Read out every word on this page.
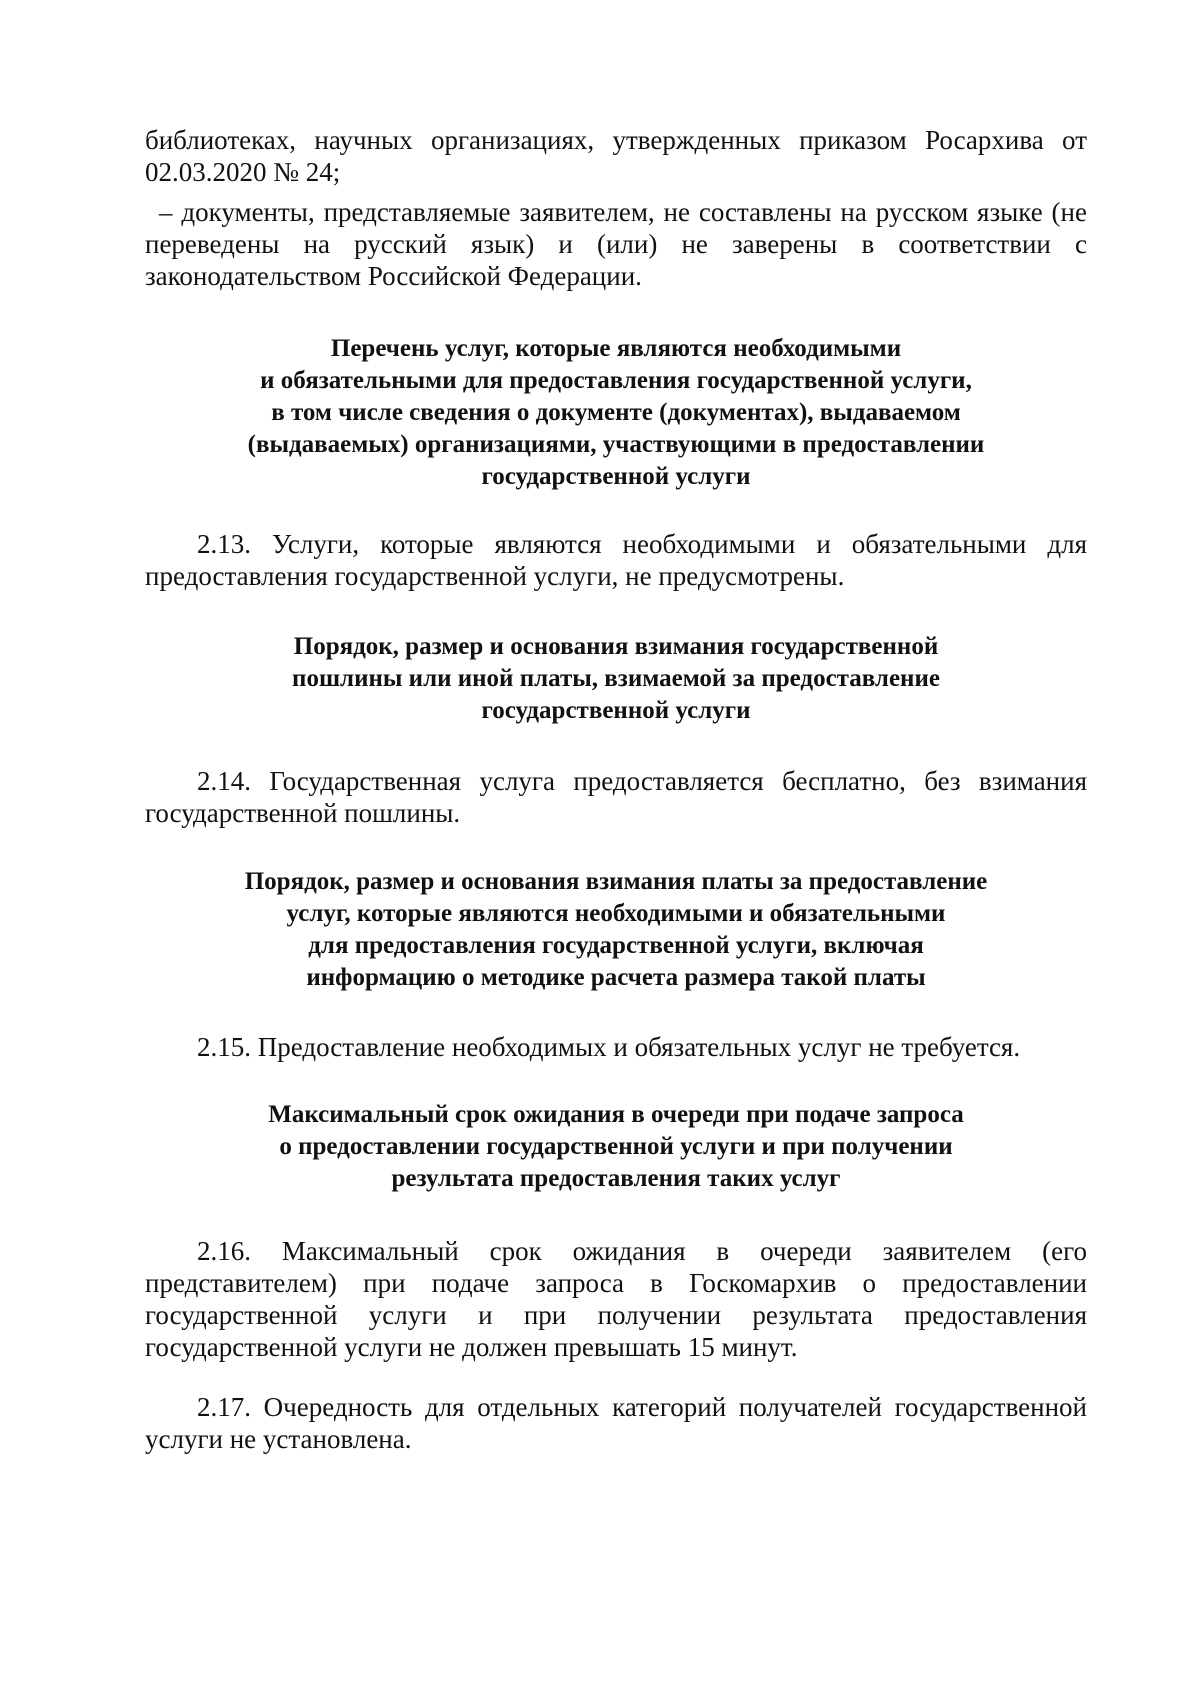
библиотеках, научных организациях, утвержденных приказом Росархива от 02.03.2020 № 24;

– документы, представляемые заявителем, не составлены на русском языке (не переведены на русский язык) и (или) не заверены в соответствии с законодательством Российской Федерации.

Перечень услуг, которые являются необходимыми
и обязательными для предоставления государственной услуги,
в том числе сведения о документе (документах), выдаваемом
(выдаваемых) организациями, участвующими в предоставлении
государственной услуги

2.13. Услуги, которые являются необходимыми и обязательными для предоставления государственной услуги, не предусмотрены.

Порядок, размер и основания взимания государственной
пошлины или иной платы, взимаемой за предоставление
государственной услуги

2.14. Государственная услуга предоставляется бесплатно, без взимания государственной пошлины.

Порядок, размер и основания взимания платы за предоставление
услуг, которые являются необходимыми и обязательными
для предоставления государственной услуги, включая
информацию о методике расчета размера такой платы

2.15. Предоставление необходимых и обязательных услуг не требуется.

Максимальный срок ожидания в очереди при подаче запроса
о предоставлении государственной услуги и при получении
результата предоставления таких услуг

2.16. Максимальный срок ожидания в очереди заявителем (его представителем) при подаче запроса в Госкомархив о предоставлении государственной услуги и при получении результата предоставления государственной услуги не должен превышать 15 минут.

2.17. Очередность для отдельных категорий получателей государственной услуги не установлена.
